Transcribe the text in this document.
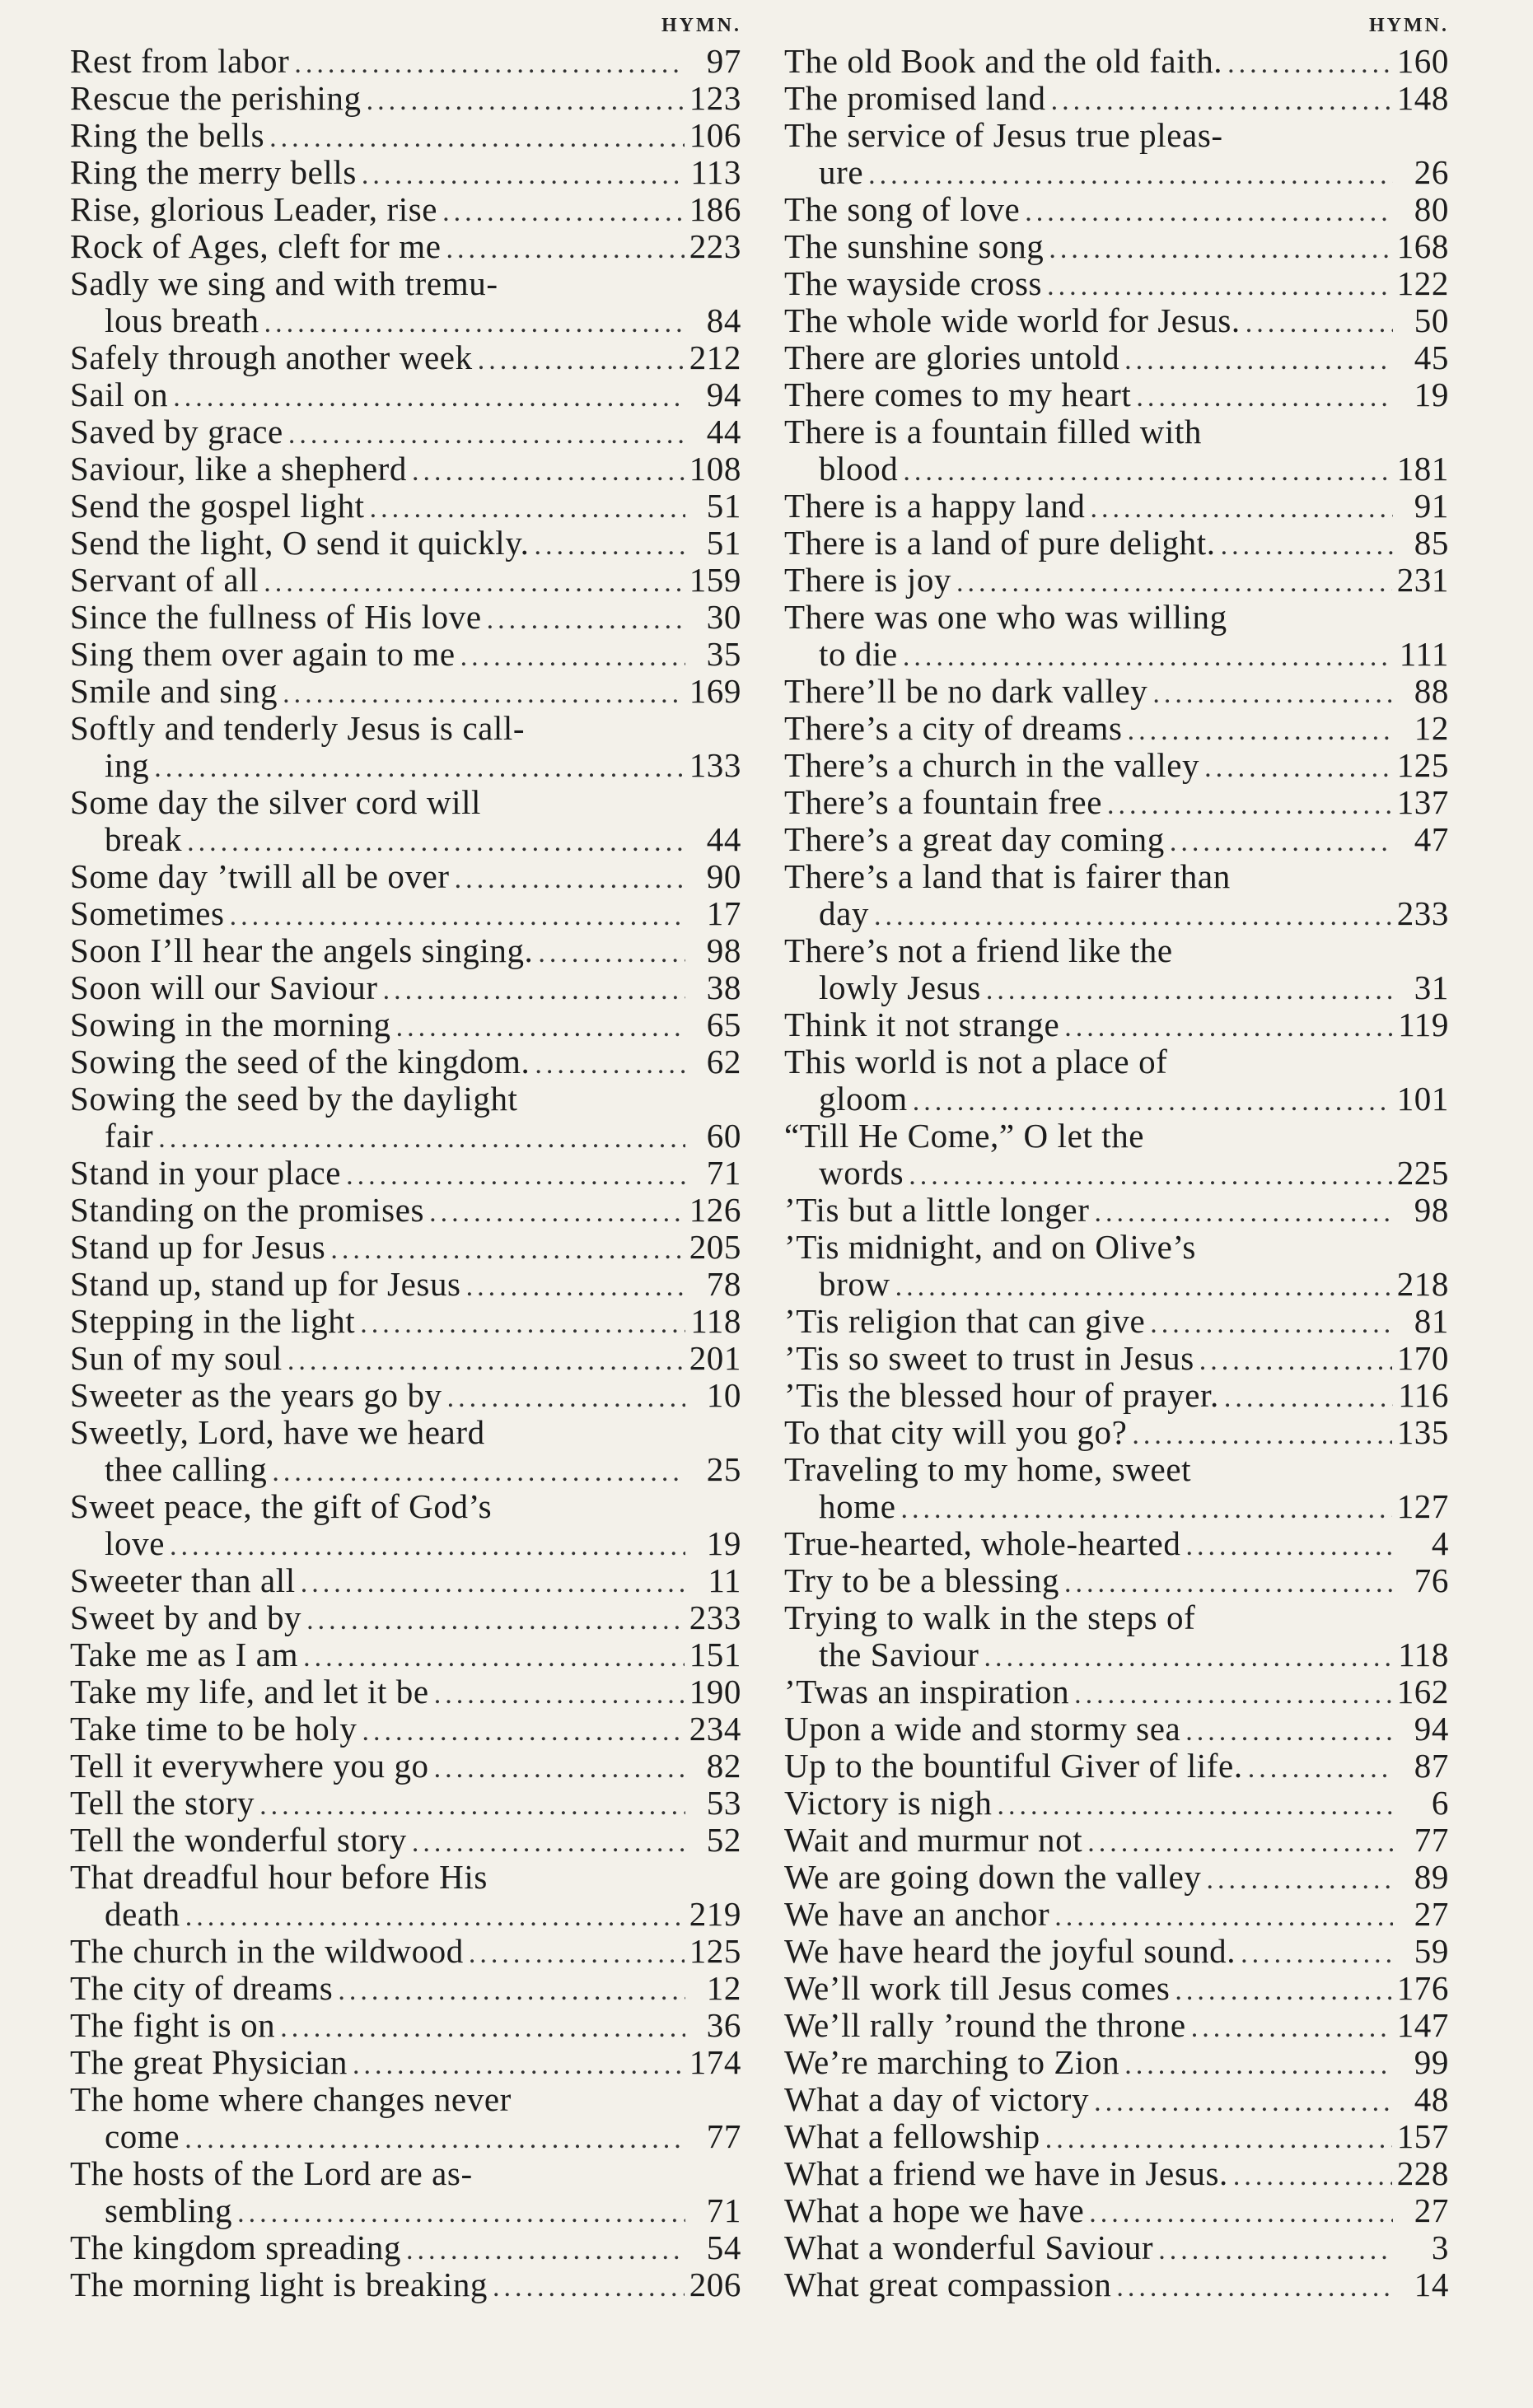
HYMN.
Rest from labor .....	97
Rescue the perishing .....	123
Ring the bells .....	106
Ring the merry bells .....	113
Rise, glorious Leader, rise .....	186
Rock of Ages, cleft for me .....	223
Sadly we sing and with tremu-
lous breath .....	84
Safely through another week .....	212
Sail on .....	94
Saved by grace .....	44
Saviour, like a shepherd .....	108
Send the gospel light .....	51
Send the light, O send it quickly. .....	51
Servant of all .....	159
Since the fullness of His love .....	30
Sing them over again to me .....	35
Smile and sing .....	169
Softly and tenderly Jesus is call-
ing .....	133
Some day the silver cord will
break .....	44
Some day ’twill all be over .....	90
Sometimes .....	17
Soon I’ll hear the angels singing. .....	98
Soon will our Saviour .....	38
Sowing in the morning .....	65
Sowing the seed of the kingdom. .....	62
Sowing the seed by the daylight
fair .....	60
Stand in your place .....	71
Standing on the promises .....	126
Stand up for Jesus .....	205
Stand up, stand up for Jesus .....	78
Stepping in the light .....	118
Sun of my soul .....	201
Sweeter as the years go by .....	10
Sweetly, Lord, have we heard
thee calling .....	25
Sweet peace, the gift of God’s
love .....	19
Sweeter than all .....	11
Sweet by and by .....	233
Take me as I am .....	151
Take my life, and let it be .....	190
Take time to be holy .....	234
Tell it everywhere you go .....	82
Tell the story .....	53
Tell the wonderful story .....	52
That dreadful hour before His
death .....	219
The church in the wildwood .....	125
The city of dreams .....	12
The fight is on .....	36
The great Physician .....	174
The home where changes never
come .....	77
The hosts of the Lord are as-
sembling .....	71
The kingdom spreading .....	54
The morning light is breaking .....	206
HYMN.
The old Book and the old faith. .....	160
The promised land .....	148
The service of Jesus true pleas-
ure .....	26
The song of love .....	80
The sunshine song .....	168
The wayside cross .....	122
The whole wide world for Jesus. .....	50
There are glories untold .....	45
There comes to my heart .....	19
There is a fountain filled with
blood .....	181
There is a happy land .....	91
There is a land of pure delight. .....	85
There is joy .....	231
There was one who was willing
to die .....	111
There’ll be no dark valley .....	88
There’s a city of dreams .....	12
There’s a church in the valley .....	125
There’s a fountain free .....	137
There’s a great day coming .....	47
There’s a land that is fairer than
day .....	233
There’s not a friend like the
lowly Jesus .....	31
Think it not strange .....	119
This world is not a place of
gloom .....	101
“Till He Come,” O let the
words .....	225
’Tis but a little longer .....	98
’Tis midnight, and on Olive’s
brow .....	218
’Tis religion that can give .....	81
’Tis so sweet to trust in Jesus .....	170
’Tis the blessed hour of prayer. .....	116
To that city will you go? .....	135
Traveling to my home, sweet
home .....	127
True-hearted, whole-hearted .....	4
Try to be a blessing .....	76
Trying to walk in the steps of
the Saviour .....	118
’Twas an inspiration .....	162
Upon a wide and stormy sea .....	94
Up to the bountiful Giver of life. .....	87
Victory is nigh .....	6
Wait and murmur not .....	77
We are going down the valley .....	89
We have an anchor .....	27
We have heard the joyful sound. .....	59
We’ll work till Jesus comes .....	176
We’ll rally ’round the throne .....	147
We’re marching to Zion .....	99
What a day of victory .....	48
What a fellowship .....	157
What a friend we have in Jesus. .....	228
What a hope we have .....	27
What a wonderful Saviour .....	3
What great compassion .....	14
